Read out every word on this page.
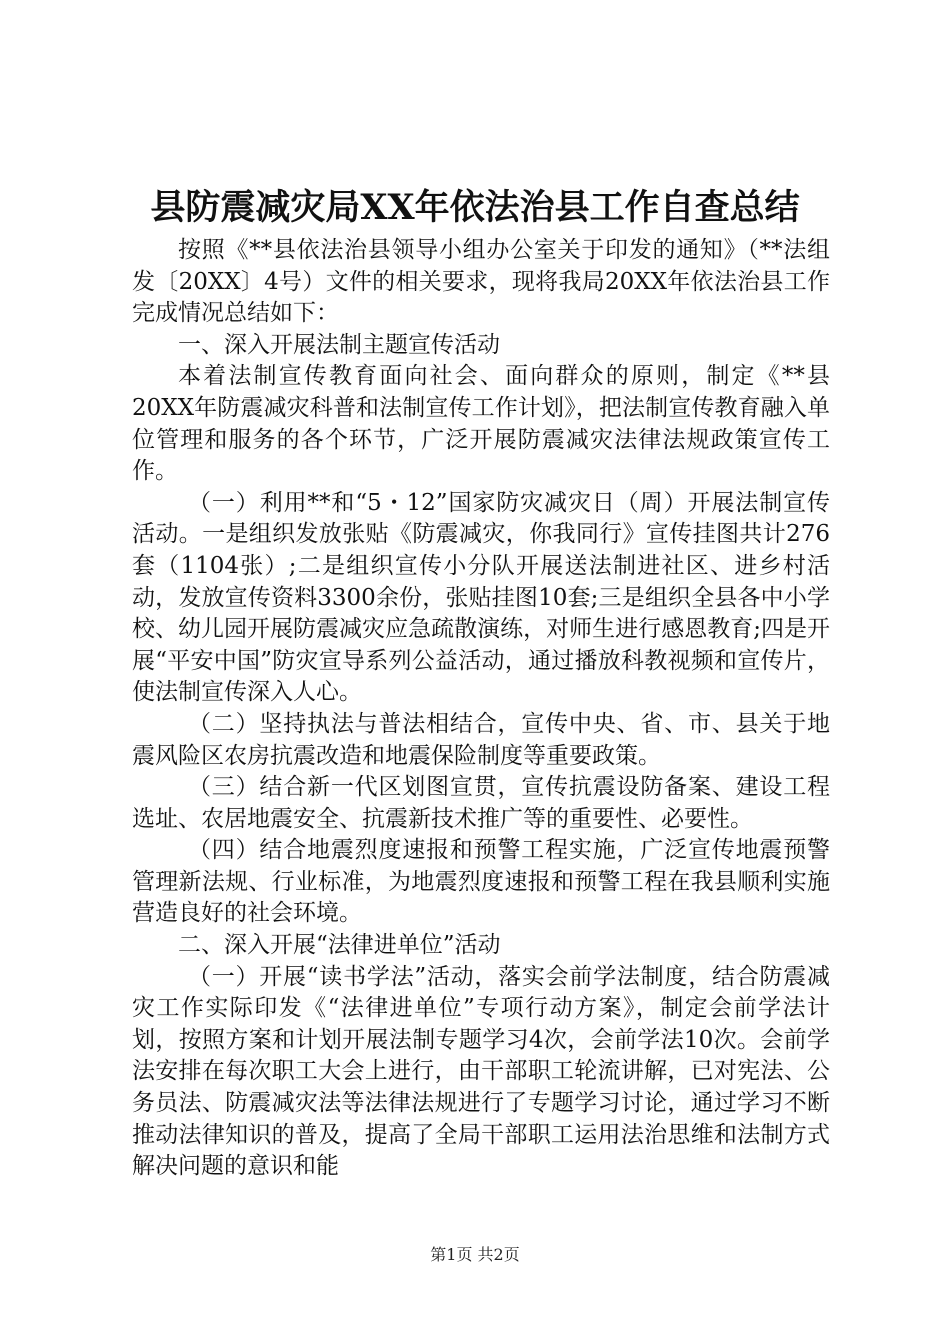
县防震减灾局XX年依法治县工作自查总结

按照《**县依法治县领导小组办公室关于印发的通知》（**法组发〔20XX〕4号）文件的相关要求，现将我局20XX年依法治县工作完成情况总结如下：

一、深入开展法制主题宣传活动

本着法制宣传教育面向社会、面向群众的原则，制定《**县20XX年防震减灾科普和法制宣传工作计划》，把法制宣传教育融入单位管理和服务的各个环节，广泛开展防震减灾法律法规政策宣传工作。

（一）利用**和“5・12”国家防灾减灾日（周）开展法制宣传活动。一是组织发放张贴《防震减灾，你我同行》宣传挂图共计276套（1104张）;二是组织宣传小分队开展送法制进社区、进乡村活动，发放宣传资料3300余份，张贴挂图10套;三是组织全县各中小学校、幼儿园开展防震减灾应急疏散演练，对师生进行感恩教育;四是开展“平安中国”防灾宣导系列公益活动，通过播放科教视频和宣传片，使法制宣传深入人心。

（二）坚持执法与普法相结合，宣传中央、省、市、县关于地震风险区农房抗震改造和地震保险制度等重要政策。

（三）结合新一代区划图宣贯，宣传抗震设防备案、建设工程选址、农居地震安全、抗震新技术推广等的重要性、必要性。

（四）结合地震烈度速报和预警工程实施，广泛宣传地震预警管理新法规、行业标准，为地震烈度速报和预警工程在我县顺利实施营造良好的社会环境。

二、深入开展“法律进单位”活动

（一）开展“读书学法”活动，落实会前学法制度，结合防震减灾工作实际印发《“法律进单位”专项行动方案》，制定会前学法计划，按照方案和计划开展法制专题学习4次，会前学法10次。会前学法安排在每次职工大会上进行，由干部职工轮流讲解，已对宪法、公务员法、防震减灾法等法律法规进行了专题学习讨论，通过学习不断推动法律知识的普及，提高了全局干部职工运用法治思维和法制方式解决问题的意识和能

第1页 共2页
